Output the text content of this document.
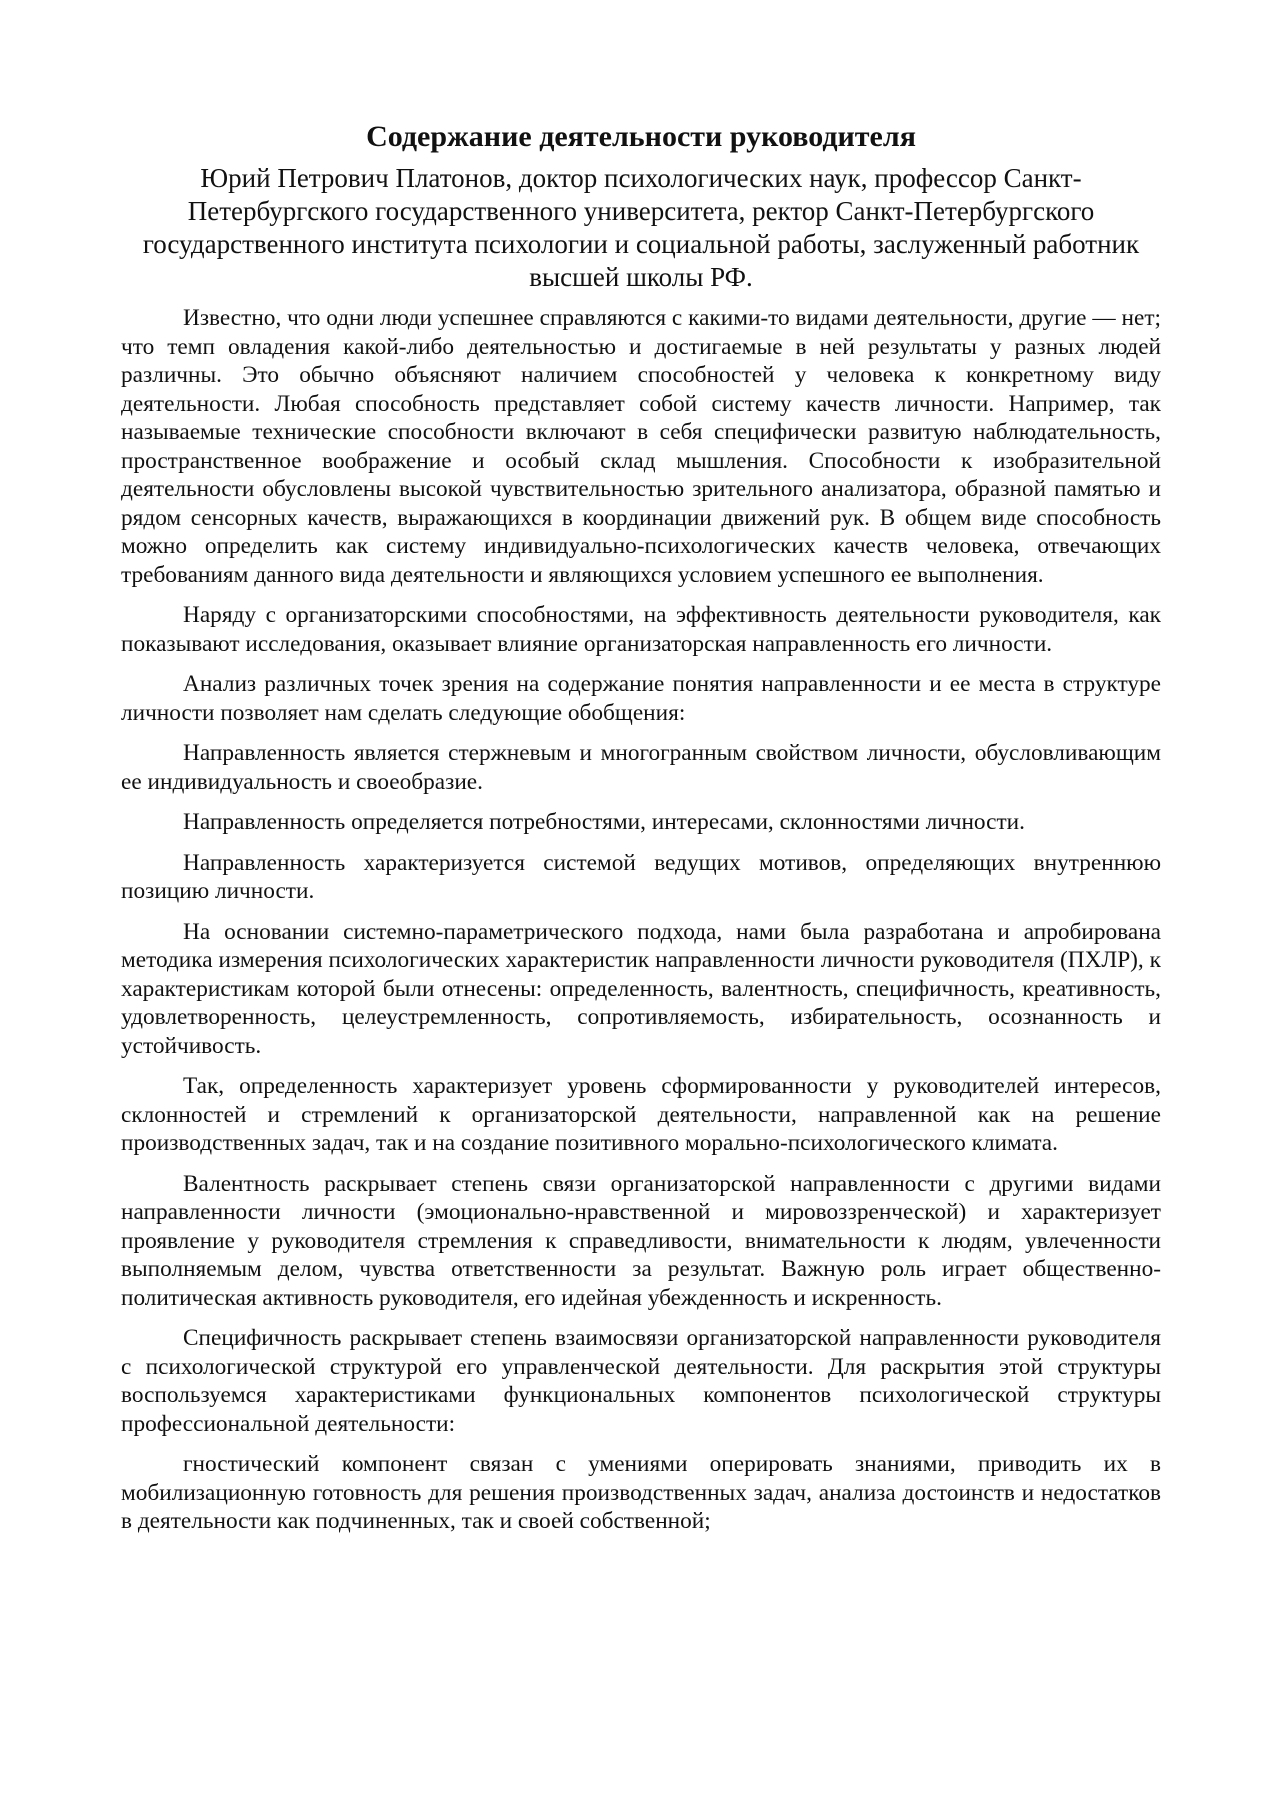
Содержание деятельности руководителя
Юрий Петрович Платонов, доктор психологических наук, профессор Санкт-Петербургского государственного университета, ректор Санкт-Петербургского государственного института психологии и социальной работы, заслуженный работник высшей школы РФ.

Известно, что одни люди успешнее справляются с какими-то видами деятельности, другие — нет; что темп овладения какой-либо деятельностью и достигаемые в ней результаты у разных людей различны. Это обычно объясняют наличием способностей у человека к конкретному виду деятельности. Любая способность представляет собой систему качеств личности. Например, так называемые технические способности включают в себя специфически развитую наблюдательность, пространственное воображение и особый склад мышления. Способности к изобразительной деятельности обусловлены высокой чувствительностью зрительного анализатора, образной памятью и рядом сенсорных качеств, выражающихся в координации движений рук. В общем виде способность можно определить как систему индивидуально-психологических качеств человека, отвечающих требованиям данного вида деятельности и являющихся условием успешного ее выполнения.

Наряду с организаторскими способностями, на эффективность деятельности руководителя, как показывают исследования, оказывает влияние организаторская направленность его личности.

Анализ различных точек зрения на содержание понятия направленности и ее места в структуре личности позволяет нам сделать следующие обобщения:

Направленность является стержневым и многогранным свойством личности, обусловливающим ее индивидуальность и своеобразие.

Направленность определяется потребностями, интересами, склонностями личности.

Направленность характеризуется системой ведущих мотивов, определяющих внутреннюю позицию личности.

На основании системно-параметрического подхода, нами была разработана и апробирована методика измерения психологических характеристик направленности личности руководителя (ПХЛР), к характеристикам которой были отнесены: определенность, валентность, специфичность, креативность, удовлетворенность, целеустремленность, сопротивляемость, избирательность, осознанность и устойчивость.

Так, определенность характеризует уровень сформированности у руководителей интересов, склонностей и стремлений к организаторской деятельности, направленной как на решение производственных задач, так и на создание позитивного морально-психологического климата.

Валентность раскрывает степень связи организаторской направленности с другими видами направленности личности (эмоционально-нравственной и мировоззренческой) и характеризует проявление у руководителя стремления к справедливости, внимательности к людям, увлеченности выполняемым делом, чувства ответственности за результат. Важную роль играет общественно-политическая активность руководителя, его идейная убежденность и искренность.

Специфичность раскрывает степень взаимосвязи организаторской направленности руководителя с психологической структурой его управленческой деятельности. Для раскрытия этой структуры воспользуемся характеристиками функциональных компонентов психологической структуры профессиональной деятельности:

гностический компонент связан с умениями оперировать знаниями, приводить их в мобилизационную готовность для решения производственных задач, анализа достоинств и недостатков в деятельности как подчиненных, так и своей собственной;
